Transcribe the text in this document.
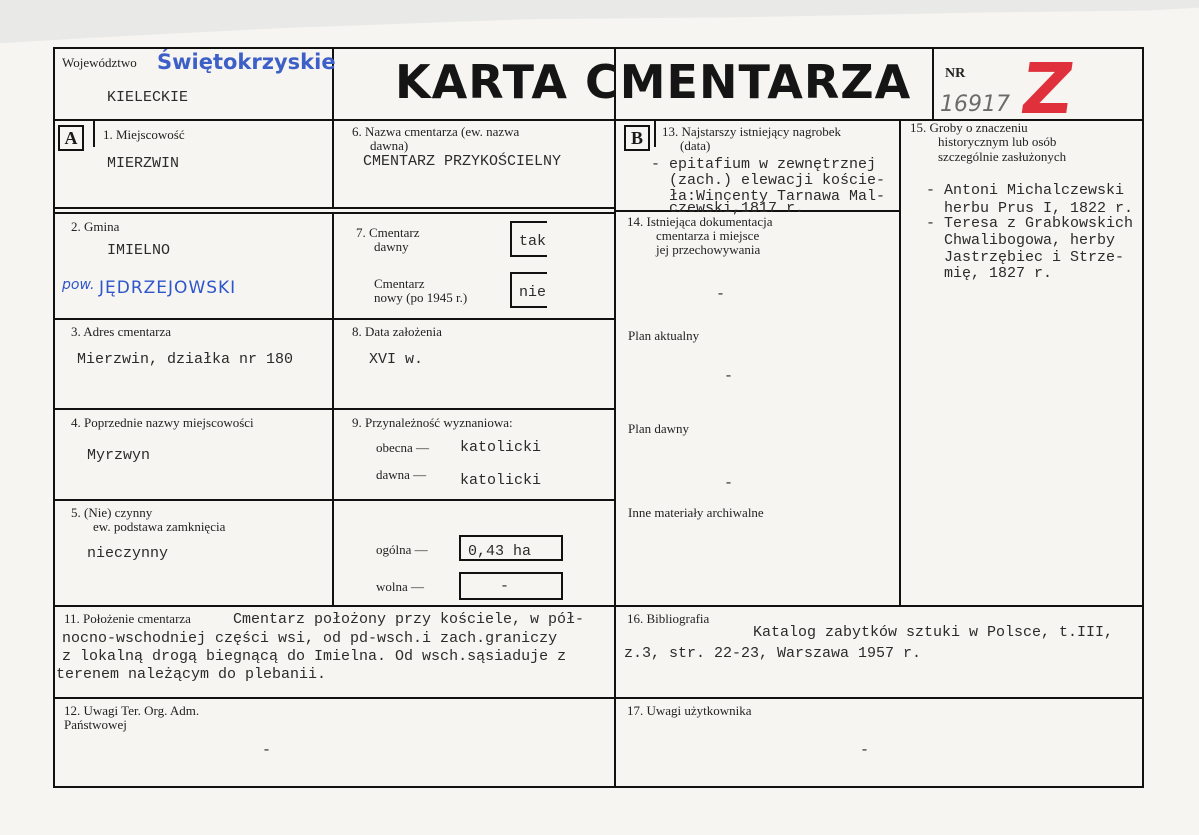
Województwo Świętokrzyskie
KIELECKIE	KARTA CMENTARZA NR
16917 Z
A	1. Miejscowość
MIERZWIN
2. Gmina
IMIELNO
pow. JĘDRZEJOWSKI
3. Adres cmentarza
Mierzwin, działka nr 180
4. Poprzednie nazwy miejscowości
Myrzwyn
5. (Nie) czynny
ew. podstawa zamknięcia
nieczynny
6. Nazwa cmentarza (ew. nazwa
dawna)
CMENTARZ PRZYKOŚCIELNY
7. Cmentarz
dawny	tak
Cmentarz
nowy (po 1945 r.)	nie
8. Data założenia
XVI w.
9. Przynależność wyznaniowa:
obecna — katolicki
dawna — katolicki
ogólna —	0,43 ha
wolna —	-
B	13. Najstarszy istniejący nagrobek
(data)
- epitafium w zewnętrznej
(zach.) elewacji koście-
ła:Wincenty Tarnawa Mal-
czewski,1817 r.
14. Istniejąca dokumentacja
cmentarza i miejsce
jej przechowywania
-
Plan aktualny
-
Plan dawny
-
Inne materiały archiwalne
15. Groby o znaczeniu
historycznym lub osób
szczególnie zasłużonych
- Antoni Michalczewski
herbu Prus I, 1822 r.
- Teresa z Grabkowskich
Chwalibogowa, herby
Jastrzębiec i Strze-
mię, 1827 r.
11. Położenie cmentarza	Cmentarz położony przy kościele, w pół-
nocno-wschodniej części wsi, od pd-wsch.i zach.graniczy
z lokalną drogą biegnącą do Imielna. Od wsch.sąsiaduje z
terenem należącym do plebanii.
16. Bibliografia
Katalog zabytków sztuki w Polsce, t.III,
z.3, str. 22-23, Warszawa 1957 r.
12. Uwagi Ter. Org. Adm.
Państwowej
-
17. Uwagi użytkownika
-
